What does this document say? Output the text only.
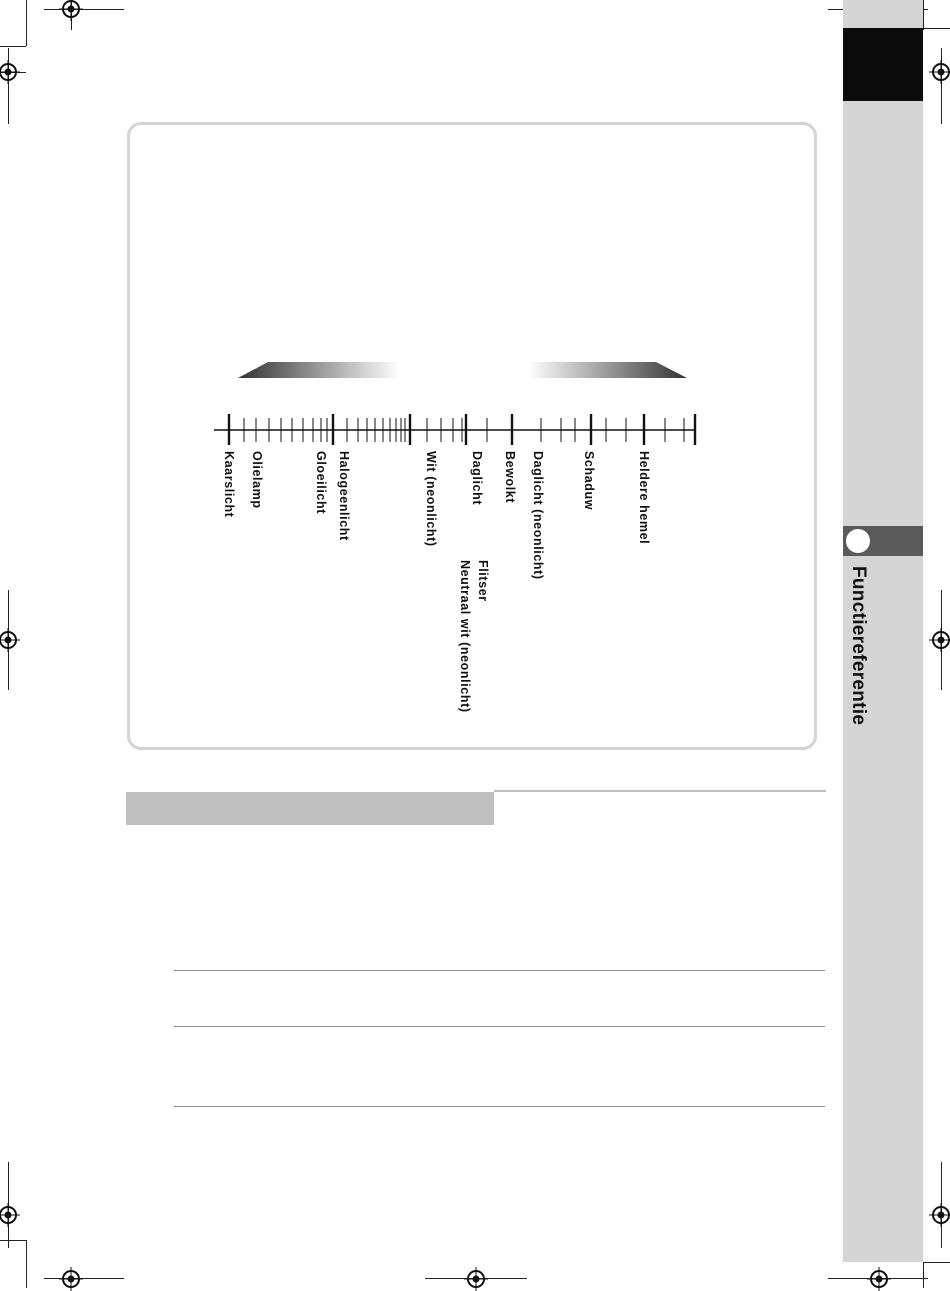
Functiereferentie
Kaarslicht Olielamp	Gloeilicht Halogeenlicht	Wit (neonlicht)	Daglicht
Flitser
Neutraal wit (neonlicht)
Bewolkt Daglicht (neonlicht)	Schaduw	Heldere hemel
